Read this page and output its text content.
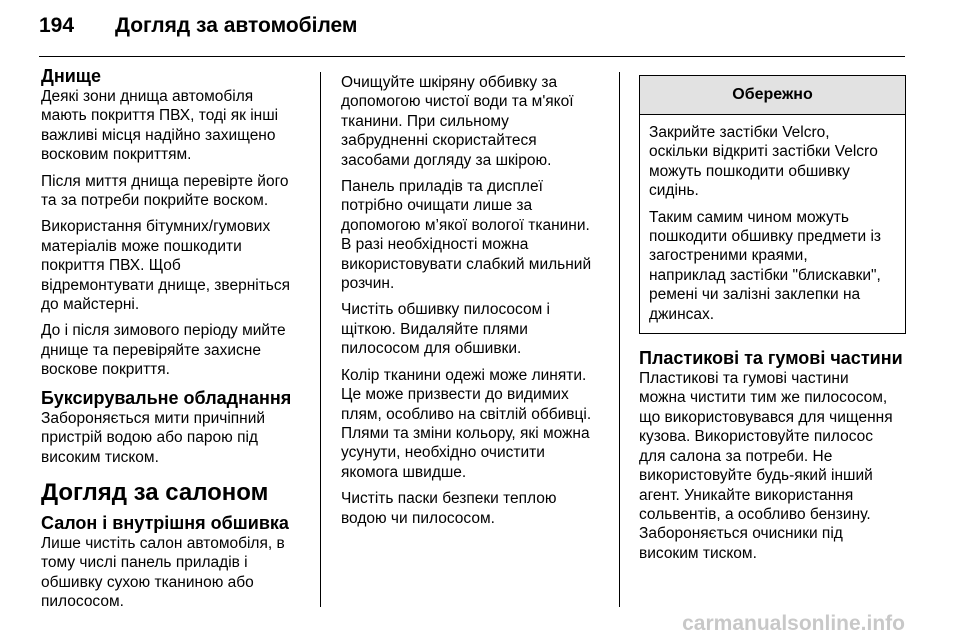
194 Догляд за автомобілем
Днище

Деякі зони днища автомобіля
мають покриття ПВХ, тоді як інші
важливі місця надійно захищено
восковим покриттям.

Після миття днища перевірте його
та за потреби покрийте воском.

Використання бітумних/гумових
матеріалів може пошкодити
покриття ПВХ. Щоб
відремонтувати днище, зверніться
до майстерні.

До і після зимового періоду мийте
днище та перевіряйте захисне
воскове покриття.

Буксирувальне обладнання

Забороняється мити причіпний
пристрій водою або парою під
високим тиском.

Догляд за салоном
Салон і внутрішня обшивка

Лише чистіть салон автомобіля, в
тому числі панель приладів і
обшивку сухою тканиною або
пилососом.

Очищуйте шкіряну оббивку за
допомогою чистої води та м'якої
тканини. При сильному
забрудненні скористайтеся
засобами догляду за шкірою.

Панель приладів та дисплеї
потрібно очищати лише за
допомогою м’якої вологої тканини.
В разі необхідності можна
використовувати слабкий мильний
розчин.

Чистіть обшивку пилососом і
щіткою. Видаляйте плями
пилососом для обшивки.

Колір тканини одежі може линяти.
Це може призвести до видимих
плям, особливо на світлій оббивці.
Плями та зміни кольору, які можна
усунути, необхідно очистити
якомога швидше.

Чистіть паски безпеки теплою
водою чи пилососом.

Обережно

Закрийте застібки Velcro,
оскільки відкриті застібки Velcro
можуть пошкодити обшивку
сидінь.

Таким самим чином можуть
пошкодити обшивку предмети із
загостреними краями,
наприклад застібки "блискавки",
ремені чи залізні заклепки на
джинсах.

Пластикові та гумові частини

Пластикові та гумові частини
можна чистити тим же пилососом,
що використовувався для чищення
кузова. Використовуйте пилосос
для салона за потреби. Не
використовуйте будь-який інший
агент. Уникайте використання
сольвентів, а особливо бензину.
Забороняється очисники під
високим тиском.

carmanualsonline.info
